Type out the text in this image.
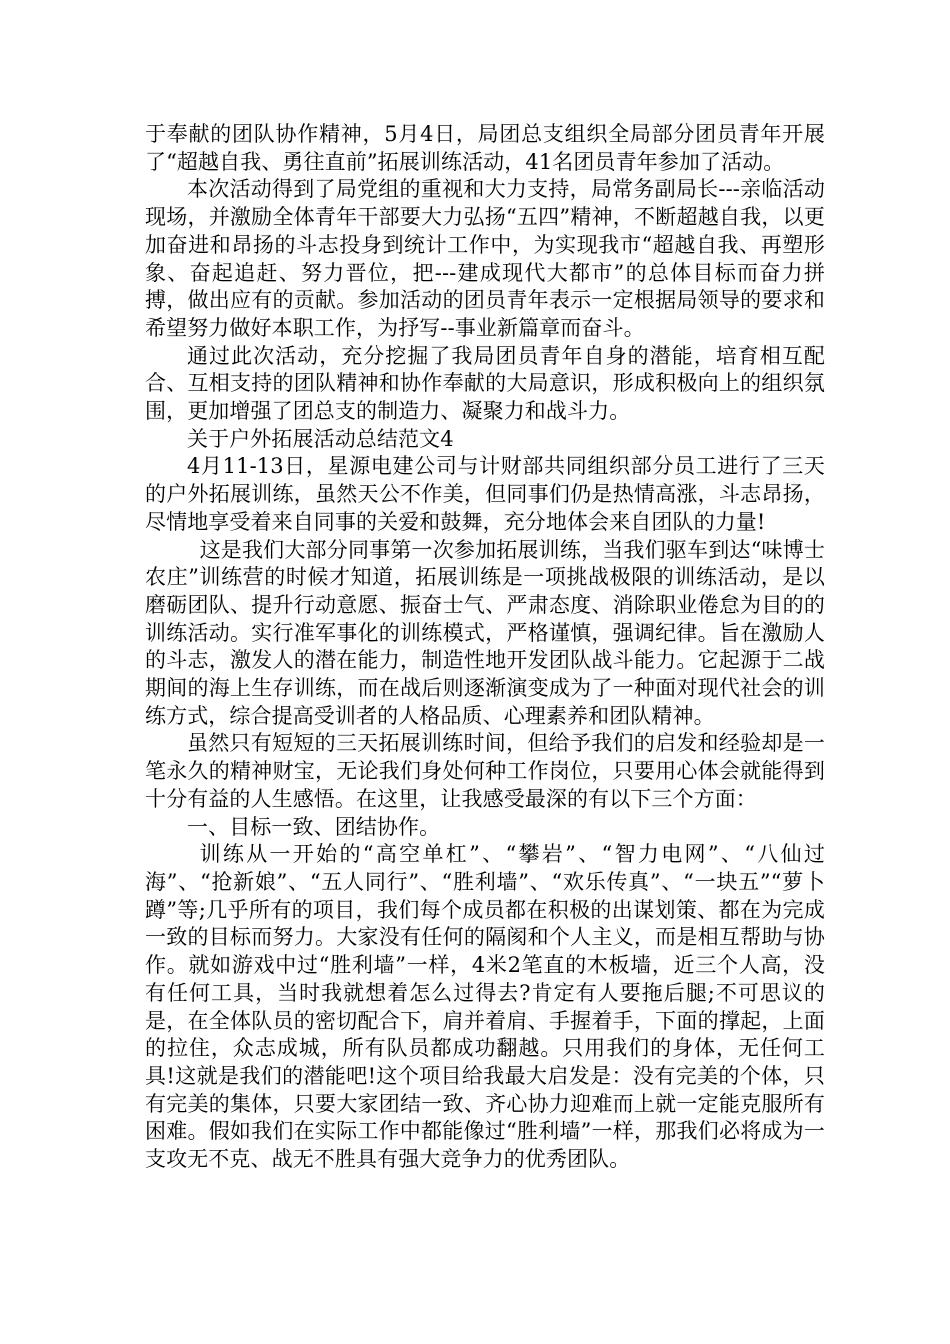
于奉献的团队协作精神，5月4日，局团总支组织全局部分团员青年开展了“超越自我、勇往直前”拓展训练活动，41名团员青年参加了活动。

本次活动得到了局党组的重视和大力支持，局常务副局长---亲临活动现场，并激励全体青年干部要大力弘扬“五四”精神，不断超越自我，以更加奋进和昂扬的斗志投身到统计工作中，为实现我市“超越自我、再塑形象、奋起追赶、努力晋位，把---建成现代大都市”的总体目标而奋力拼搏，做出应有的贡献。参加活动的团员青年表示一定根据局领导的要求和希望努力做好本职工作，为抒写--事业新篇章而奋斗。

通过此次活动，充分挖掘了我局团员青年自身的潜能，培育相互配合、互相支持的团队精神和协作奉献的大局意识，形成积极向上的组织氛围，更加增强了团总支的制造力、凝聚力和战斗力。

关于户外拓展活动总结范文4

4月11-13日，星源电建公司与计财部共同组织部分员工进行了三天的户外拓展训练，虽然天公不作美，但同事们仍是热情高涨，斗志昂扬，尽情地享受着来自同事的关爱和鼓舞，充分地体会来自团队的力量!

这是我们大部分同事第一次参加拓展训练，当我们驱车到达“味博士农庄”训练营的时候才知道，拓展训练是一项挑战极限的训练活动，是以磨砺团队、提升行动意愿、振奋士气、严肃态度、消除职业倦怠为目的的训练活动。实行准军事化的训练模式，严格谨慎，强调纪律。旨在激励人的斗志，激发人的潜在能力，制造性地开发团队战斗能力。它起源于二战期间的海上生存训练，而在战后则逐渐演变成为了一种面对现代社会的训练方式，综合提高受训者的人格品质、心理素养和团队精神。

虽然只有短短的三天拓展训练时间，但给予我们的启发和经验却是一笔永久的精神财宝，无论我们身处何种工作岗位，只要用心体会就能得到十分有益的人生感悟。在这里，让我感受最深的有以下三个方面：

一、目标一致、团结协作。

训练从一开始的“高空单杠”、“攀岩”、“智力电网”、“八仙过海”、“抢新娘”、“五人同行”、“胜利墙”、“欢乐传真”、“一块五”“萝卜蹲”等;几乎所有的项目，我们每个成员都在积极的出谋划策、都在为完成一致的目标而努力。大家没有任何的隔阂和个人主义，而是相互帮助与协作。就如游戏中过“胜利墙”一样，4米2笔直的木板墙，近三个人高，没有任何工具，当时我就想着怎么过得去?肯定有人要拖后腿;不可思议的是，在全体队员的密切配合下，肩并着肩、手握着手，下面的撑起，上面的拉住，众志成城，所有队员都成功翻越。只用我们的身体，无任何工具!这就是我们的潜能吧!这个项目给我最大启发是：没有完美的个体，只有完美的集体，只要大家团结一致、齐心协力迎难而上就一定能克服所有困难。假如我们在实际工作中都能像过“胜利墙”一样，那我们必将成为一支攻无不克、战无不胜具有强大竞争力的优秀团队。
